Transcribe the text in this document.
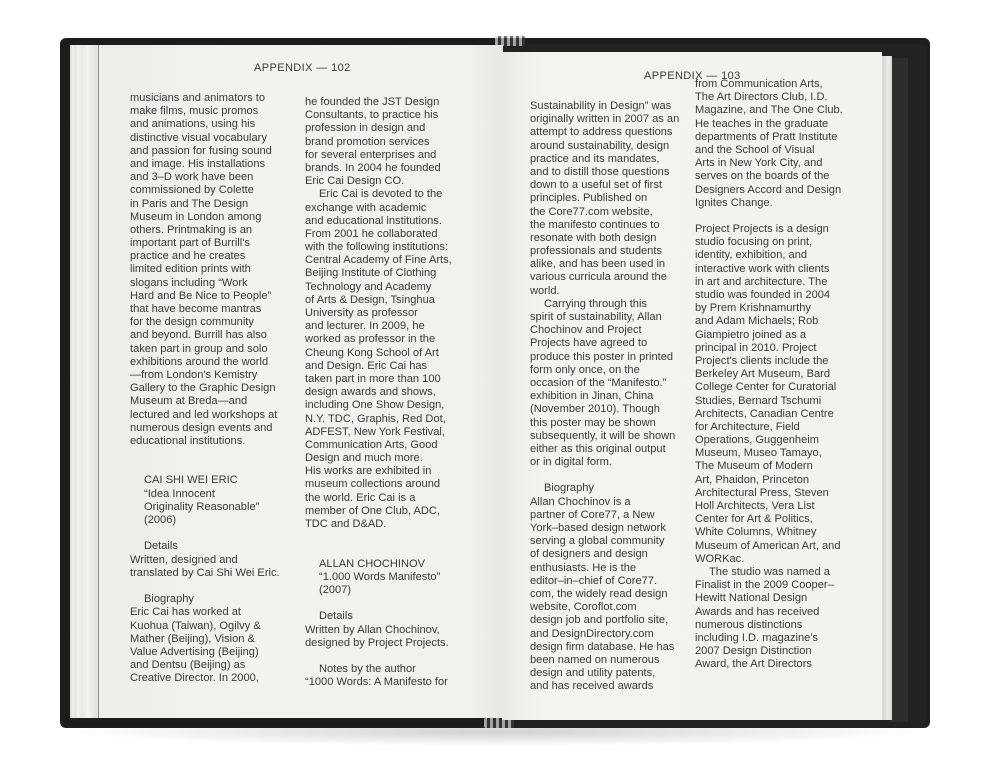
APPENDIX — 102
musicians and animators to
make films, music promos
and animations, using his
distinctive visual vocabulary
and passion for fusing sound
and image. His installations
and 3–D work have been
commissioned by Colette
in Paris and The Design
Museum in London among
others. Printmaking is an
important part of Burrill's
practice and he creates
limited edition prints with
slogans including “Work
Hard and Be Nice to People”
that have become mantras
for the design community
and beyond. Burrill has also
taken part in group and solo
exhibitions around the world
—from London's Kemistry
Gallery to the Graphic Design
Museum at Breda—and
lectured and led workshops at
numerous design events and
educational institutions.
CAI SHI WEI ERIC
“Idea Innocent
Originality Reasonable”
(2006)
Details
Written, designed and
translated by Cai Shi Wei Eric.
Biography
Eric Cai has worked at
Kuohua (Taiwan), Ogilvy &
Mather (Beijing), Vision &
Value Advertising (Beijing)
and Dentsu (Beijing) as
Creative Director. In 2000,
he founded the JST Design
Consultants, to practice his
profession in design and
brand promotion services
for several enterprises and
brands. In 2004 he founded
Eric Cai Design CO.
Eric Cai is devoted to the
exchange with academic
and educational institutions.
From 2001 he collaborated
with the following institutions:
Central Academy of Fine Arts,
Beijing Institute of Clothing
Technology and Academy
of Arts & Design, Tsinghua
University as professor
and lecturer. In 2009, he
worked as professor in the
Cheung Kong School of Art
and Design. Eric Cai has
taken part in more than 100
design awards and shows,
including One Show Design,
N.Y. TDC, Graphis, Red Dot,
ADFEST, New York Festival,
Communication Arts, Good
Design and much more.
His works are exhibited in
museum collections around
the world. Eric Cai is a
member of One Club, ADC,
TDC and D&AD.
ALLAN CHOCHINOV
“1.000 Words Manifesto”
(2007)
Details
Written by Allan Chochinov,
designed by Project Projects.
Notes by the author
“1000 Words: A Manifesto for
APPENDIX — 103
Sustainability in Design” was
originally written in 2007 as an
attempt to address questions
around sustainability, design
practice and its mandates,
and to distill those questions
down to a useful set of first
principles. Published on
the Core77.com website,
the manifesto continues to
resonate with both design
professionals and students
alike, and has been used in
various curricula around the
world.
Carrying through this
spirit of sustainability, Allan
Chochinov and Project
Projects have agreed to
produce this poster in printed
form only once, on the
occasion of the “Manifesto.”
exhibition in Jinan, China
(November 2010). Though
this poster may be shown
subsequently, it will be shown
either as this original output
or in digital form.
Biography
Allan Chochinov is a
partner of Core77, a New
York–based design network
serving a global community
of designers and design
enthusiasts. He is the
editor–in–chief of Core77.
com, the widely read design
website, Coroflot.com
design job and portfolio site,
and DesignDirectory.com
design firm database. He has
been named on numerous
design and utility patents,
and has received awards
from Communication Arts,
The Art Directors Club, I.D.
Magazine, and The One Club.
He teaches in the graduate
departments of Pratt Institute
and the School of Visual
Arts in New York City, and
serves on the boards of the
Designers Accord and Design
Ignites Change.
Project Projects is a design
studio focusing on print,
identity, exhibition, and
interactive work with clients
in art and architecture. The
studio was founded in 2004
by Prem Krishnamurthy
and Adam Michaels; Rob
Giampietro joined as a
principal in 2010. Project
Project's clients include the
Berkeley Art Museum, Bard
College Center for Curatorial
Studies, Bernard Tschumi
Architects, Canadian Centre
for Architecture, Field
Operations, Guggenheim
Museum, Museo Tamayo,
The Museum of Modern
Art, Phaidon, Princeton
Architectural Press, Steven
Holl Architects, Vera List
Center for Art & Politics,
White Columns, Whitney
Museum of American Art, and
WORKac.
The studio was named a
Finalist in the 2009 Cooper–
Hewitt National Design
Awards and has received
numerous distinctions
including I.D. magazine's
2007 Design Distinction
Award, the Art Directors
